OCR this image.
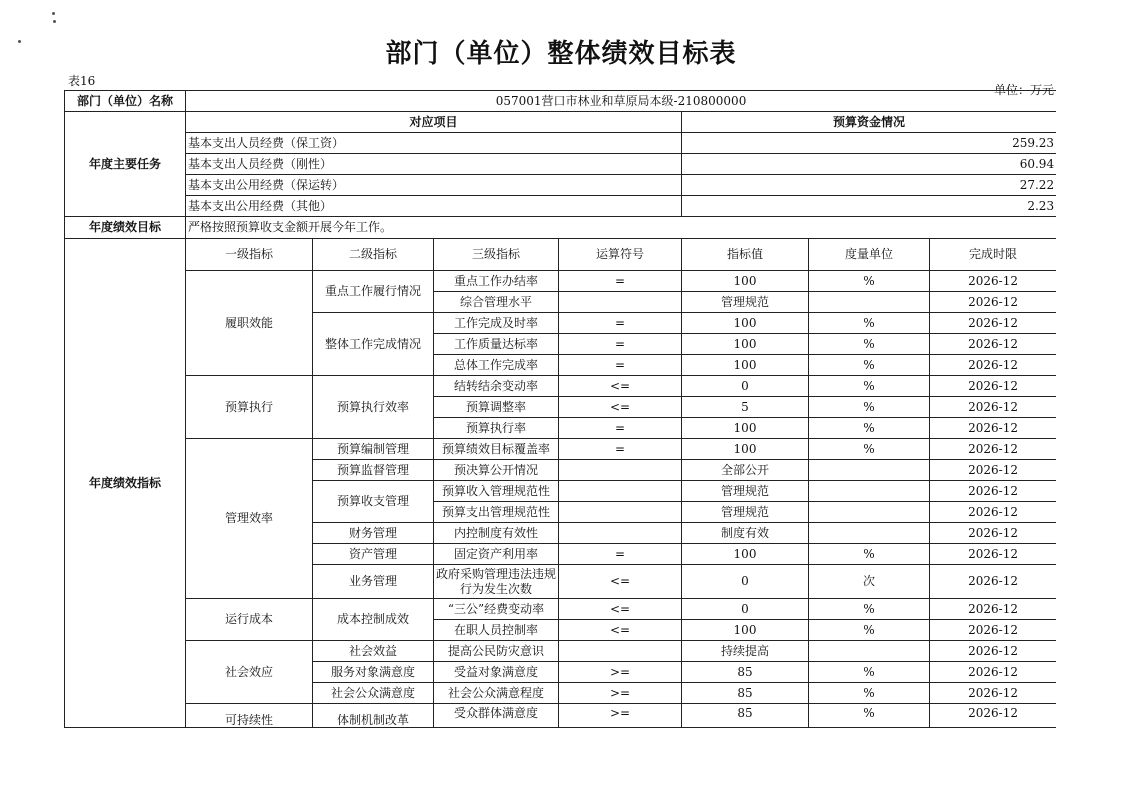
部门（单位）整体绩效目标表
表16
单位：万元
部门（单位）名称	057001营口市林业和草原局本级-210800000						
年度主要任务	对应项目				预算资金情况		
	基本支出人员经费（保工资）				259.23		
	基本支出人员经费（刚性）				60.94		
	基本支出公用经费（保运转）				27.22		
	基本支出公用经费（其他）				2.23		
年度绩效目标	严格按照预算收支金额开展今年工作。						
年度绩效指标	一级指标	二级指标	三级指标	运算符号	指标值	度量单位	完成时限
	履职效能	重点工作履行情况	重点工作办结率	=	100	%	2026-12
			综合管理水平		管理规范		2026-12
		整体工作完成情况	工作完成及时率	=	100	%	2026-12
			工作质量达标率	=	100	%	2026-12
			总体工作完成率	=	100	%	2026-12
	预算执行	预算执行效率	结转结余变动率	<=	0	%	2026-12
			预算调整率	<=	5	%	2026-12
			预算执行率	=	100	%	2026-12
	管理效率	预算编制管理	预算绩效目标覆盖率	=	100	%	2026-12
		预算监督管理	预决算公开情况		全部公开		2026-12
		预算收支管理	预算收入管理规范性		管理规范		2026-12
			预算支出管理规范性		管理规范		2026-12
		财务管理	内控制度有效性		制度有效		2026-12
		资产管理	固定资产利用率	=	100	%	2026-12
		业务管理	政府采购管理违法违规行为发生次数	<=	0	次	2026-12
	运行成本	成本控制成效	“三公”经费变动率	<=	0	%	2026-12
			在职人员控制率	<=	100	%	2026-12
	社会效应	社会效益	提高公民防灾意识		持续提高		2026-12
		服务对象满意度	受益对象满意度	>=	85	%	2026-12
		社会公众满意度	社会公众满意程度	>=	85	%	2026-12
	可持续性	体制机制改革	受众群体满意度	>=	85	%	2026-12
